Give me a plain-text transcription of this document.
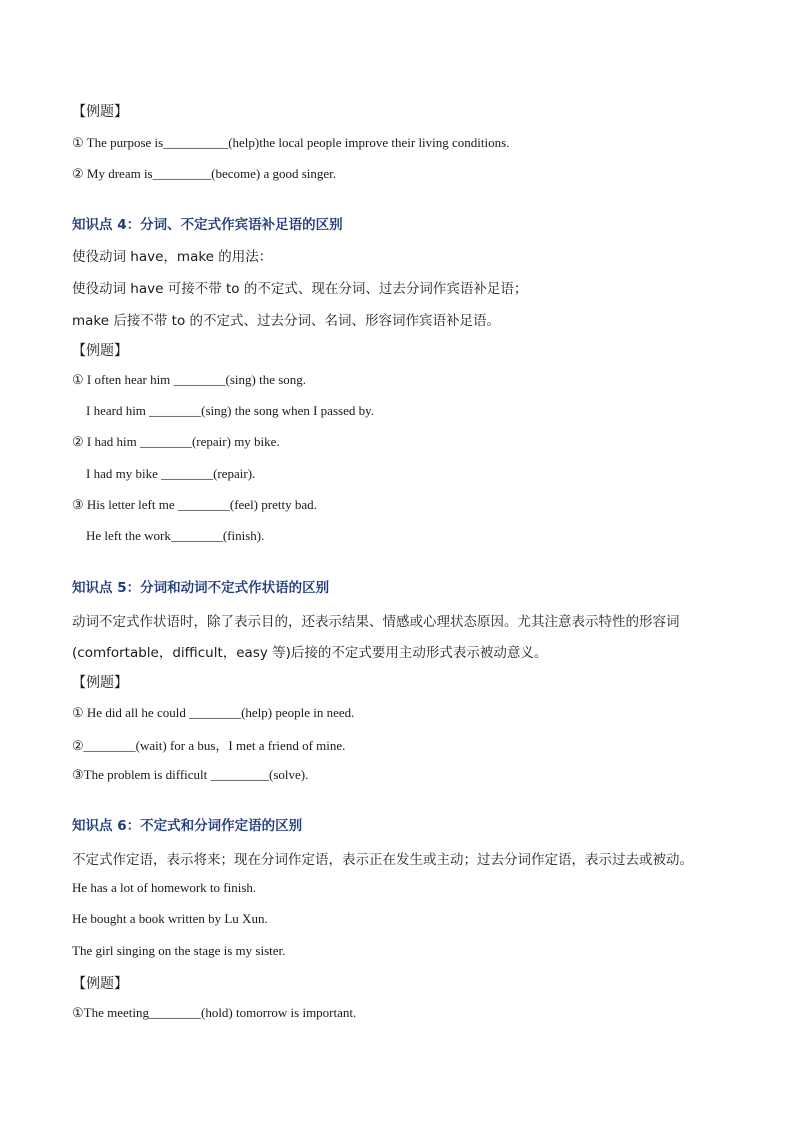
【例题】
① The purpose is__________(help)the local people improve their living conditions.
② My dream is_________(become) a good singer.
知识点 4：分词、不定式作宾语补足语的区别
使役动词 have，make 的用法：
使役动词 have 可接不带 to 的不定式、现在分词、过去分词作宾语补足语；
make 后接不带 to 的不定式、过去分词、名词、形容词作宾语补足语。
【例题】
① I often hear him ________(sing) the song.
I heard him ________(sing) the song when I passed by.
② I had him ________(repair) my bike.
I had my bike ________(repair).
③ His letter left me ________(feel) pretty bad.
He left the work________(finish).
知识点 5：分词和动词不定式作状语的区别
动词不定式作状语时，除了表示目的，还表示结果、情感或心理状态原因。尤其注意表示特性的形容词
(comfortable，difficult，easy 等)后接的不定式要用主动形式表示被动意义。
【例题】
① He did all he could ________(help) people in need.
②________(wait) for a bus，I met a friend of mine.
③The problem is difficult _________(solve).
知识点 6：不定式和分词作定语的区别
不定式作定语，表示将来；现在分词作定语，表示正在发生或主动；过去分词作定语，表示过去或被动。
He has a lot of homework to finish.
He bought a book written by Lu Xun.
The girl singing on the stage is my sister.
【例题】
①The meeting________(hold) tomorrow is important.
